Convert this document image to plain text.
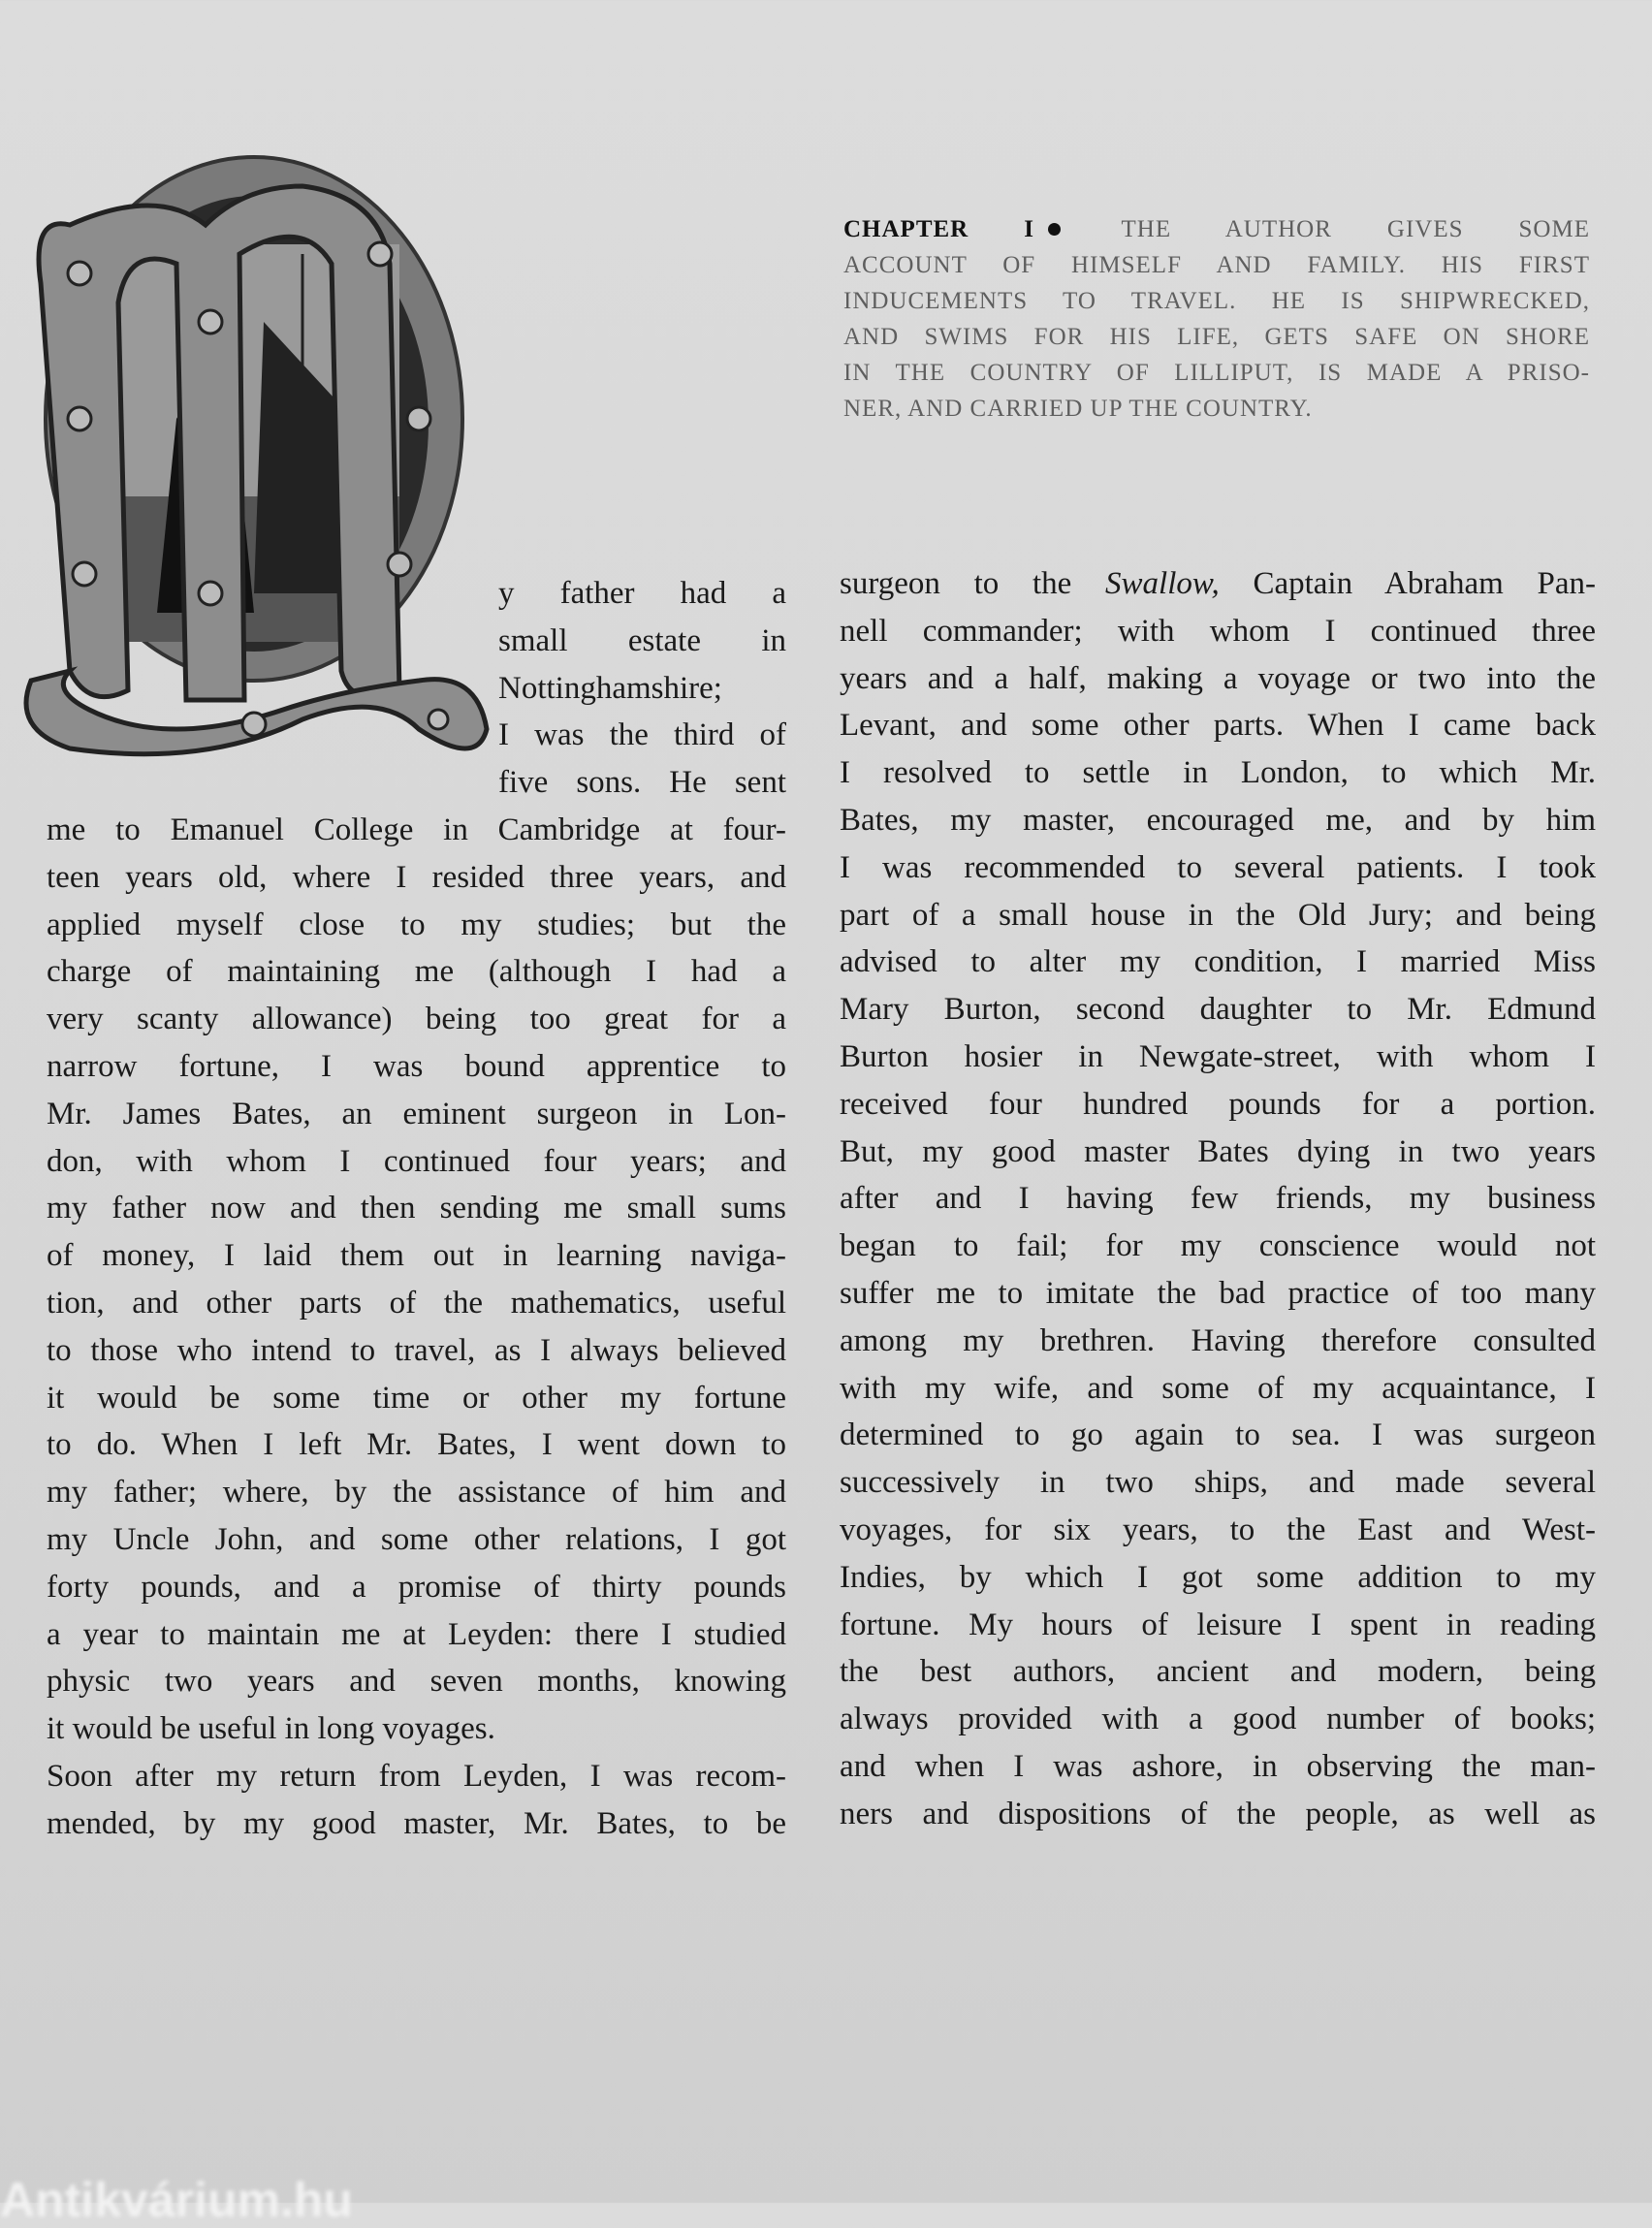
CHAPTER I	THE AUTHOR GIVES SOME
ACCOUNT OF HIMSELF AND FAMILY. HIS FIRST
INDUCEMENTS TO TRAVEL. HE IS SHIPWRECKED,
AND SWIMS FOR HIS LIFE, GETS SAFE ON SHORE
IN THE COUNTRY OF LILLIPUT, IS MADE A PRISO-
NER, AND CARRIED UP THE COUNTRY.
y father had a
small estate in
Nottinghamshire;
I was the third of
five sons. He sent
me to Emanuel College in Cambridge at four-
teen years old, where I resided three years, and
applied myself close to my studies; but the
charge of maintaining me (although I had a
very scanty allowance) being too great for a
narrow fortune, I was bound apprentice to
Mr. James Bates, an eminent surgeon in Lon-
don, with whom I continued four years; and
my father now and then sending me small sums
of money, I laid them out in learning naviga-
tion, and other parts of the mathematics, useful
to those who intend to travel, as I always believed
it would be some time or other my fortune
to do. When I left Mr. Bates, I went down to
my father; where, by the assistance of him and
my Uncle John, and some other relations, I got
forty pounds, and a promise of thirty pounds
a year to maintain me at Leyden: there I studied
physic two years and seven months, knowing
it would be useful in long voyages.
Soon after my return from Leyden, I was recom-
mended, by my good master, Mr. Bates, to be
surgeon to the Swallow, Captain Abraham Pan-
nell commander; with whom I continued three
years and a half, making a voyage or two into the
Levant, and some other parts. When I came back
I resolved to settle in London, to which Mr.
Bates, my master, encouraged me, and by him
I was recommended to several patients. I took
part of a small house in the Old Jury; and being
advised to alter my condition, I married Miss
Mary Burton, second daughter to Mr. Edmund
Burton hosier in Newgate-street, with whom I
received four hundred pounds for a portion.
But, my good master Bates dying in two years
after and I having few friends, my business
began to fail; for my conscience would not
suffer me to imitate the bad practice of too many
among my brethren. Having therefore consulted
with my wife, and some of my acquaintance, I
determined to go again to sea. I was surgeon
successively in two ships, and made several
voyages, for six years, to the East and West-
Indies, by which I got some addition to my
fortune. My hours of leisure I spent in reading
the best authors, ancient and modern, being
always provided with a good number of books;
and when I was ashore, in observing the man-
ners and dispositions of the people, as well as
Antikvárium.hu
